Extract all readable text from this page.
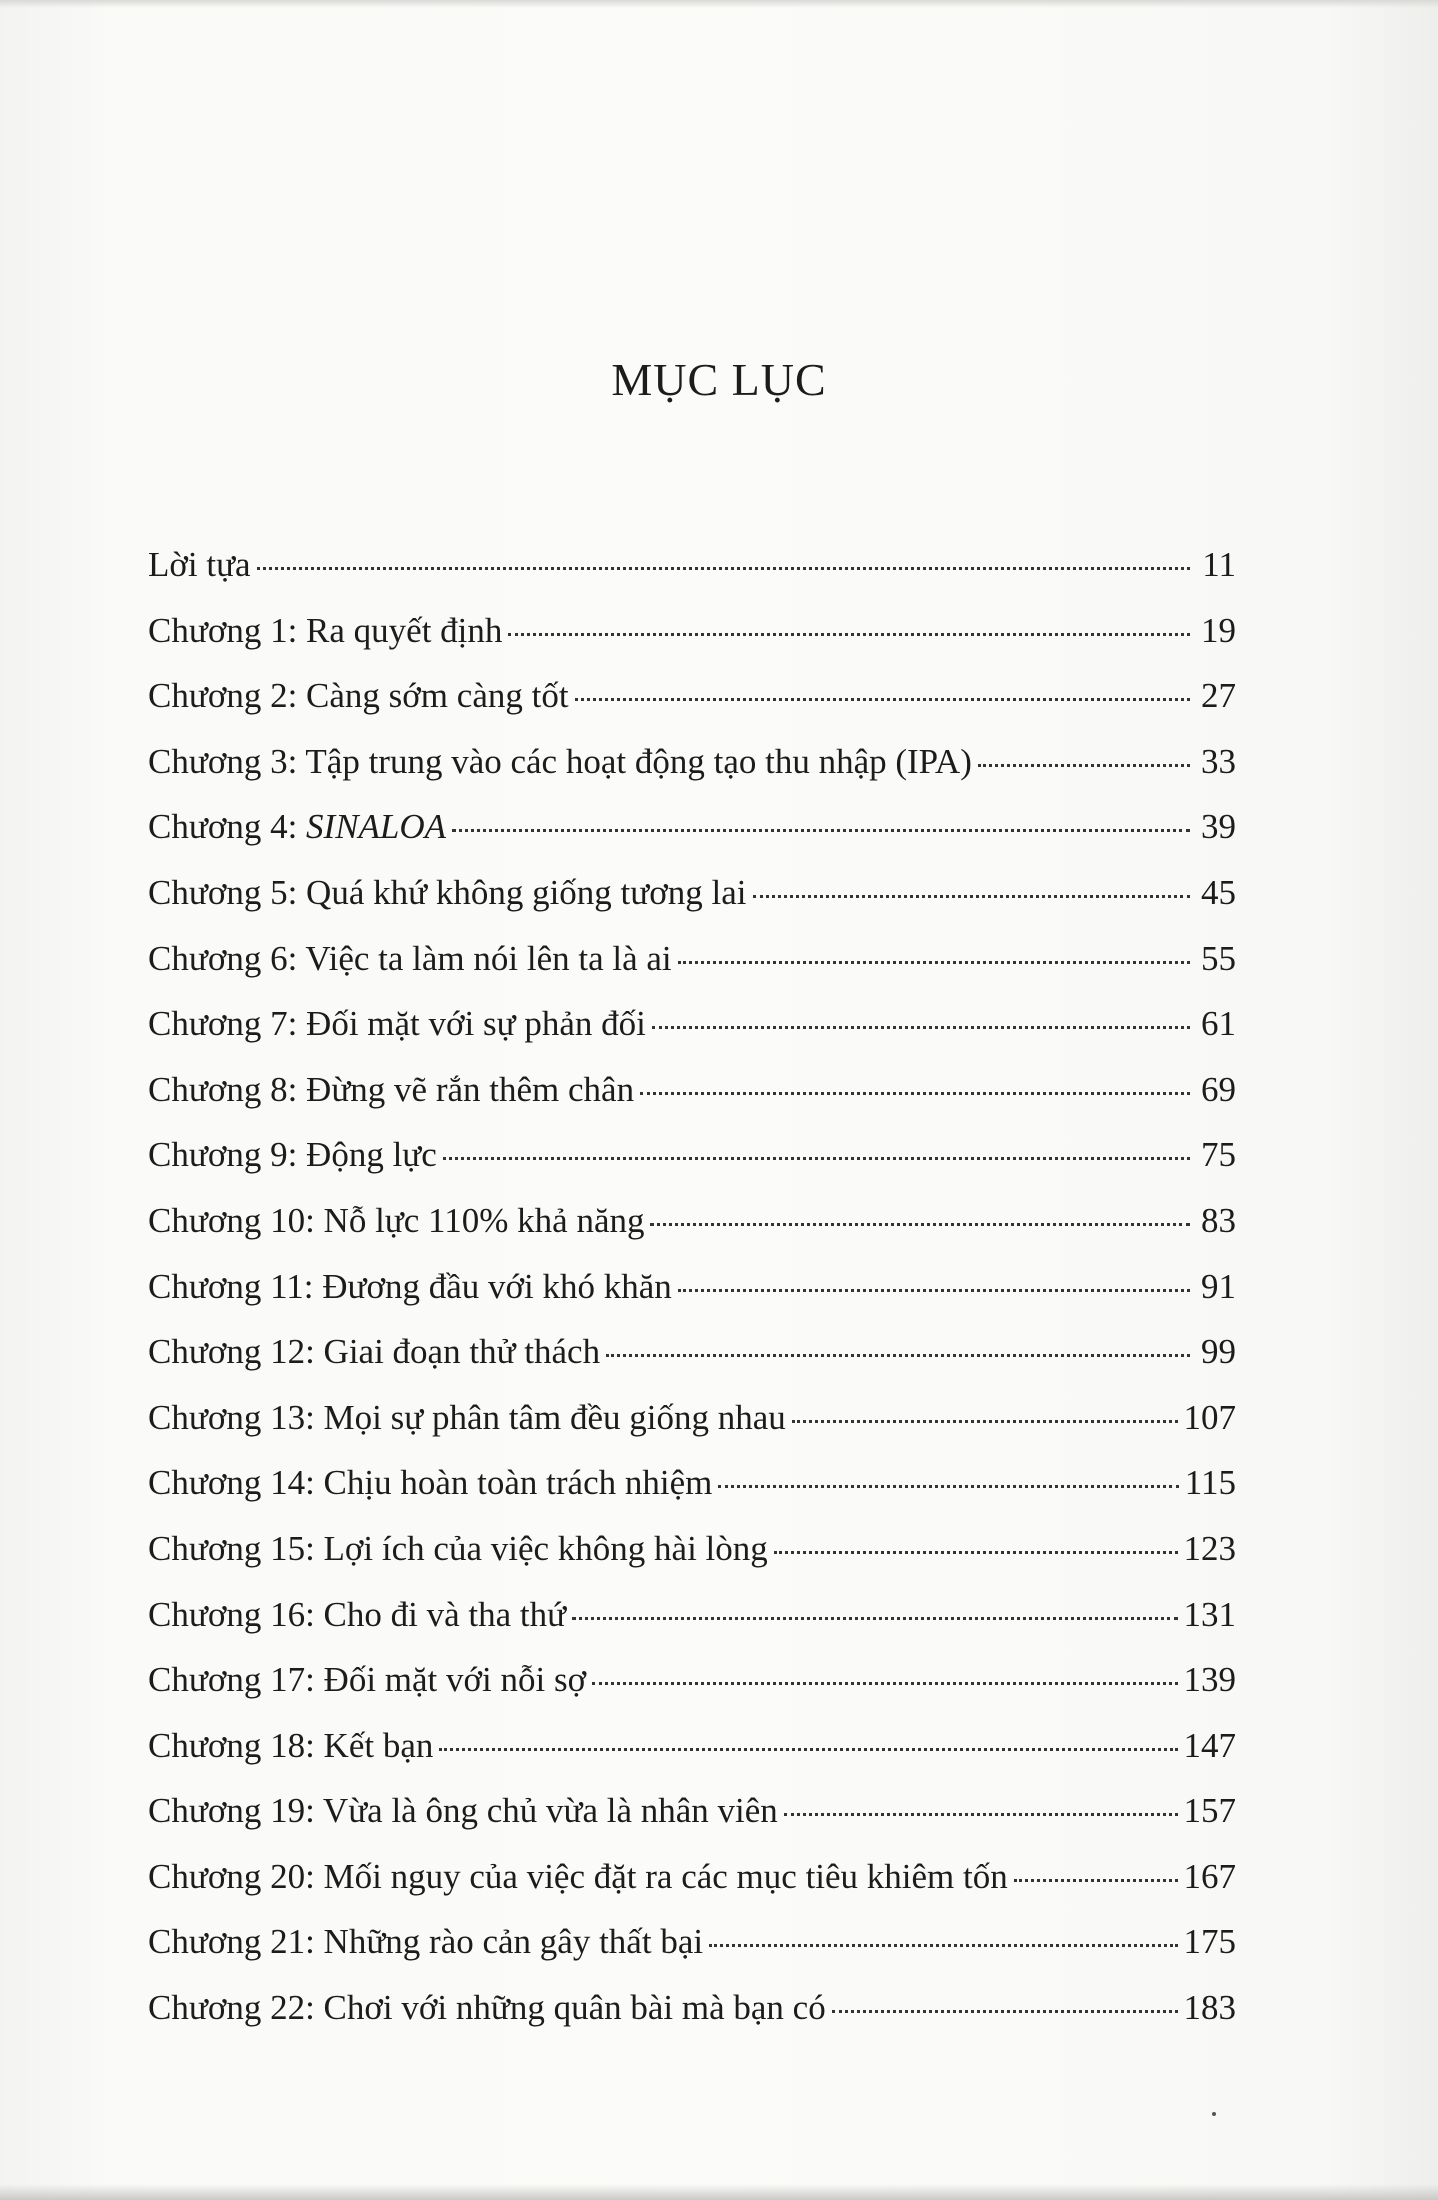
MỤC LỤC
Lời tựa	11
Chương 1: Ra quyết định	19
Chương 2: Càng sớm càng tốt	27
Chương 3: Tập trung vào các hoạt động tạo thu nhập (IPA)	33
Chương 4: SINALOA	39
Chương 5: Quá khứ không giống tương lai	45
Chương 6: Việc ta làm nói lên ta là ai	55
Chương 7: Đối mặt với sự phản đối	61
Chương 8: Đừng vẽ rắn thêm chân	69
Chương 9: Động lực	75
Chương 10: Nỗ lực 110% khả năng	83
Chương 11: Đương đầu với khó khăn	91
Chương 12: Giai đoạn thử thách	99
Chương 13: Mọi sự phân tâm đều giống nhau	107
Chương 14: Chịu hoàn toàn trách nhiệm	115
Chương 15: Lợi ích của việc không hài lòng	123
Chương 16: Cho đi và tha thứ	131
Chương 17: Đối mặt với nỗi sợ	139
Chương 18: Kết bạn	147
Chương 19: Vừa là ông chủ vừa là nhân viên	157
Chương 20: Mối nguy của việc đặt ra các mục tiêu khiêm tốn	167
Chương 21: Những rào cản gây thất bại	175
Chương 22: Chơi với những quân bài mà bạn có	183
